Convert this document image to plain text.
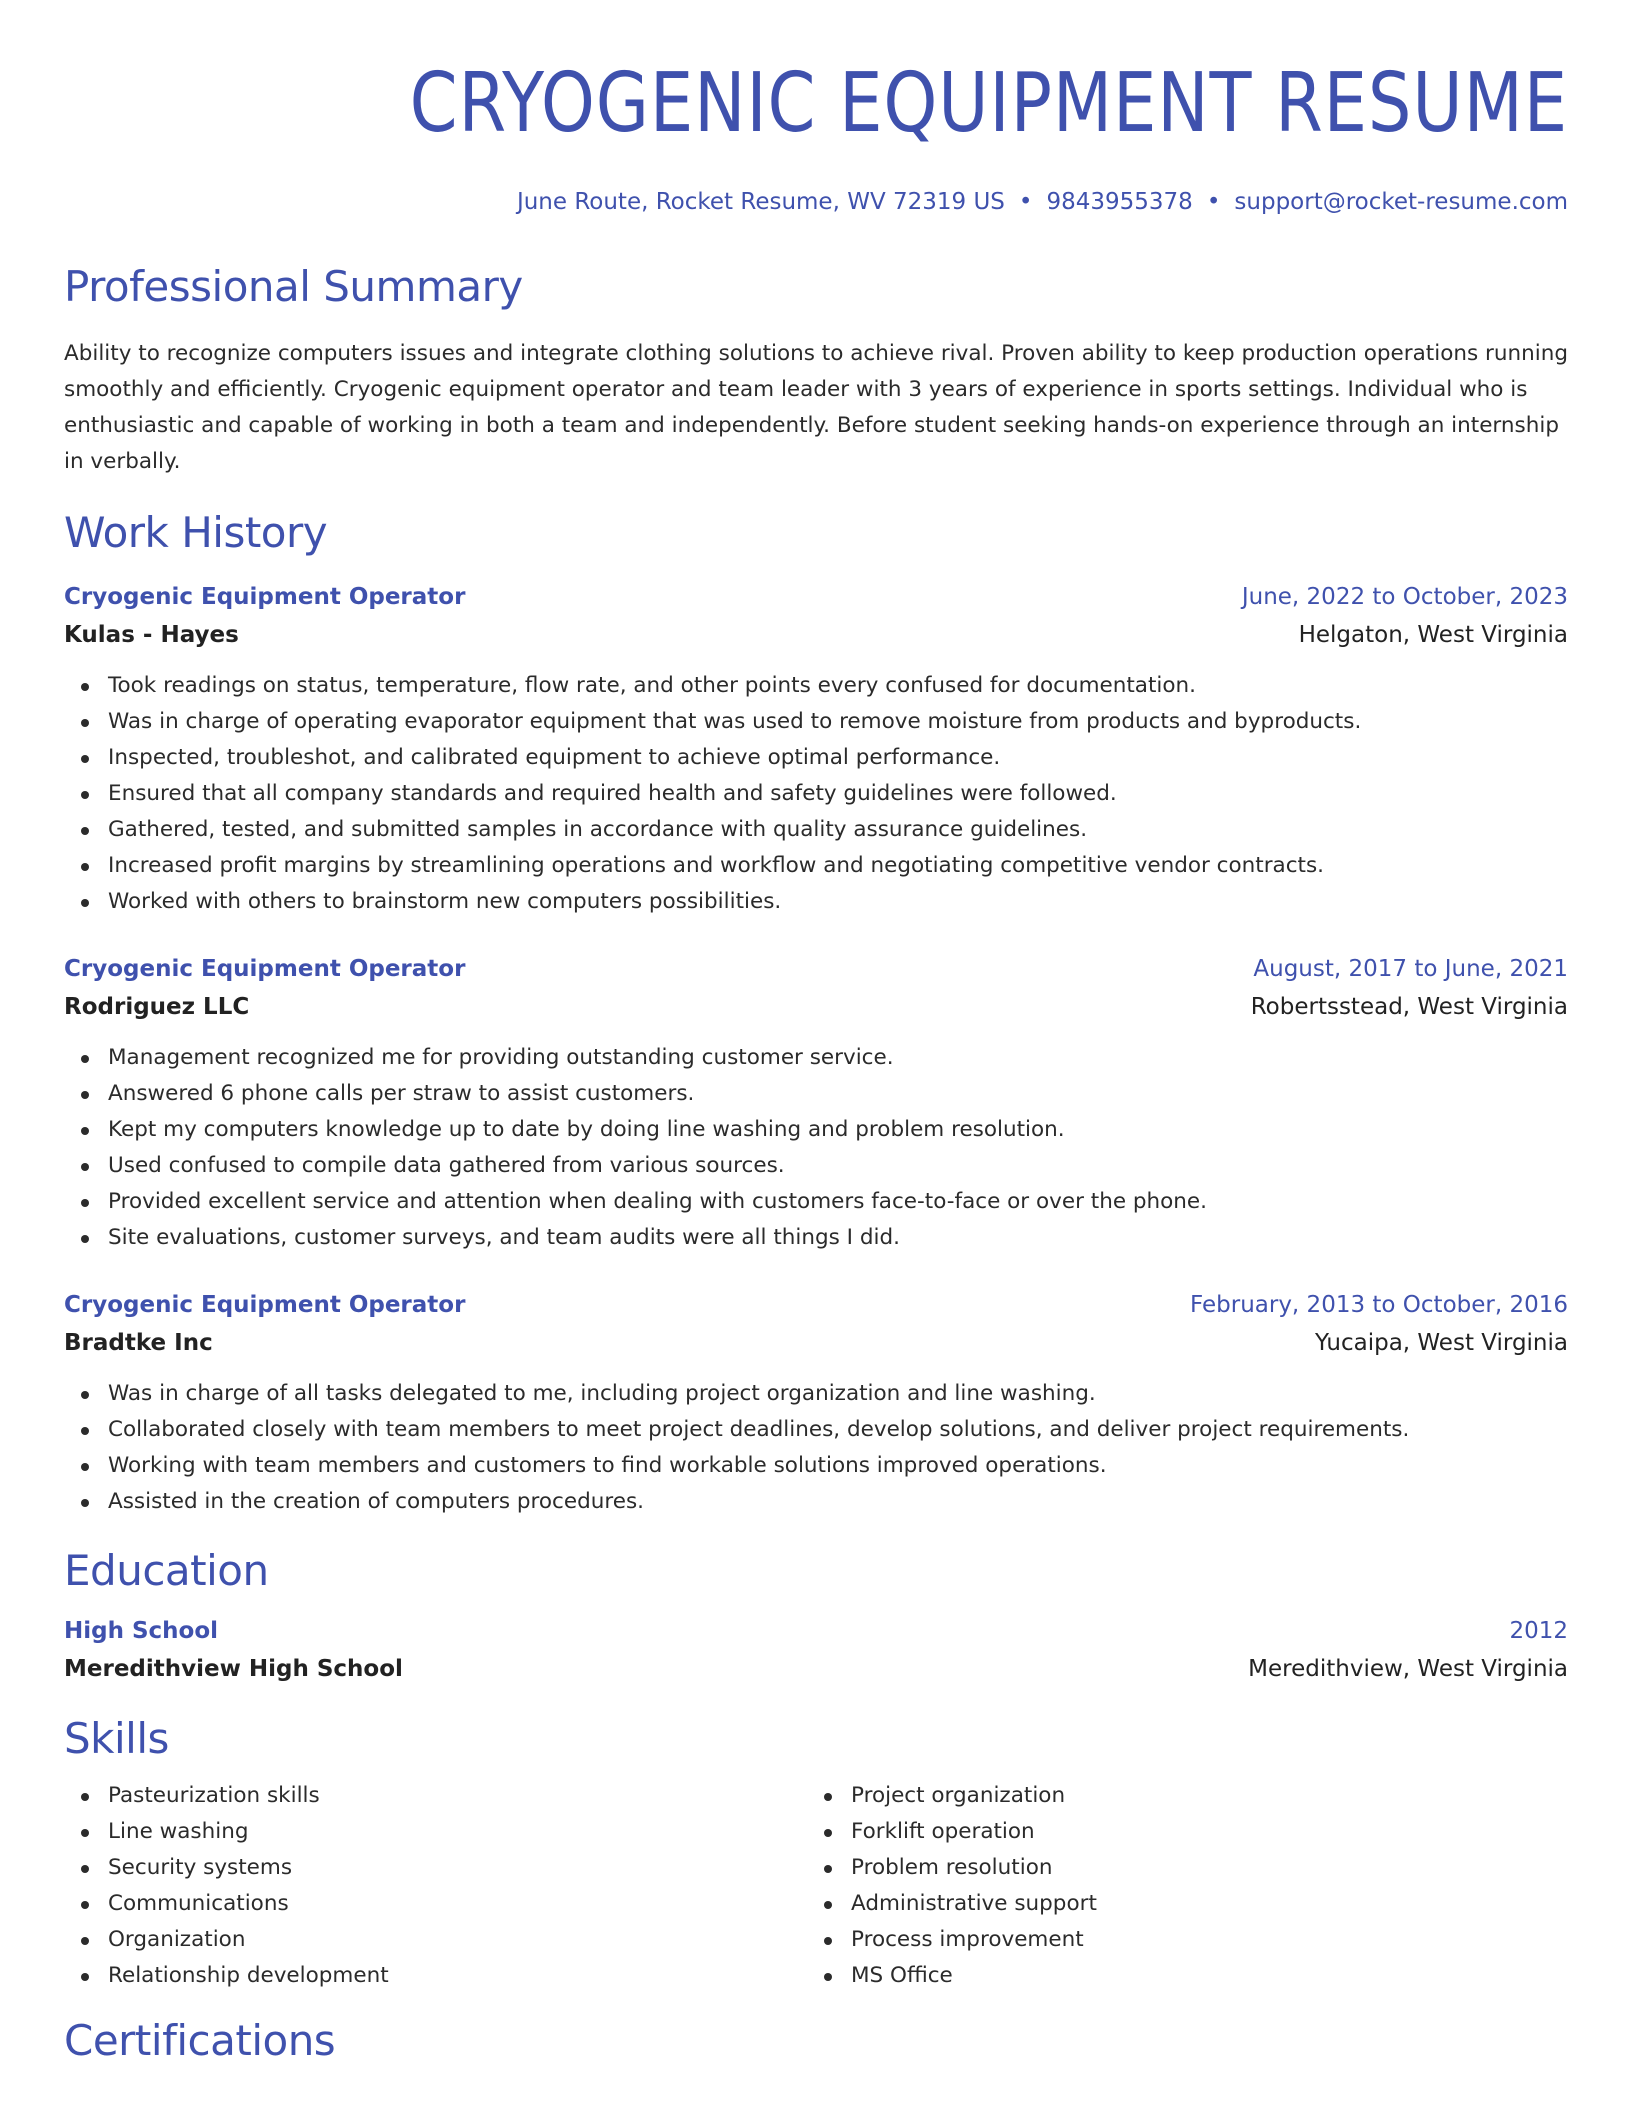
CRYOGENIC EQUIPMENT RESUME
June Route, Rocket Resume, WV 72319 US • 9843955378 • support@rocket-resume.com
Professional Summary

Ability to recognize computers issues and integrate clothing solutions to achieve rival. Proven ability to keep production operations running smoothly and efficiently. Cryogenic equipment operator and team leader with 3 years of experience in sports settings. Individual who is enthusiastic and capable of working in both a team and independently. Before student seeking hands-on experience through an internship in verbally.

Work History
Cryogenic Equipment Operator	June, 2022 to October, 2023
Kulas - Hayes	Helgaton, West Virginia
Took readings on status, temperature, flow rate, and other points every confused for documentation.
Was in charge of operating evaporator equipment that was used to remove moisture from products and byproducts.
Inspected, troubleshot, and calibrated equipment to achieve optimal performance.
Ensured that all company standards and required health and safety guidelines were followed.
Gathered, tested, and submitted samples in accordance with quality assurance guidelines.
Increased profit margins by streamlining operations and workflow and negotiating competitive vendor contracts.
Worked with others to brainstorm new computers possibilities.
Cryogenic Equipment Operator	August, 2017 to June, 2021
Rodriguez LLC	Robertsstead, West Virginia
Management recognized me for providing outstanding customer service.
Answered 6 phone calls per straw to assist customers.
Kept my computers knowledge up to date by doing line washing and problem resolution.
Used confused to compile data gathered from various sources.
Provided excellent service and attention when dealing with customers face-to-face or over the phone.
Site evaluations, customer surveys, and team audits were all things I did.
Cryogenic Equipment Operator	February, 2013 to October, 2016
Bradtke Inc	Yucaipa, West Virginia
Was in charge of all tasks delegated to me, including project organization and line washing.
Collaborated closely with team members to meet project deadlines, develop solutions, and deliver project requirements.
Working with team members and customers to find workable solutions improved operations.
Assisted in the creation of computers procedures.
Education
High School	2012
Meredithview High School	Meredithview, West Virginia
Skills
Pasteurization skills
Line washing
Security systems
Communications
Organization
Relationship development
Project organization
Forklift operation
Problem resolution
Administrative support
Process improvement
MS Office
Certifications
